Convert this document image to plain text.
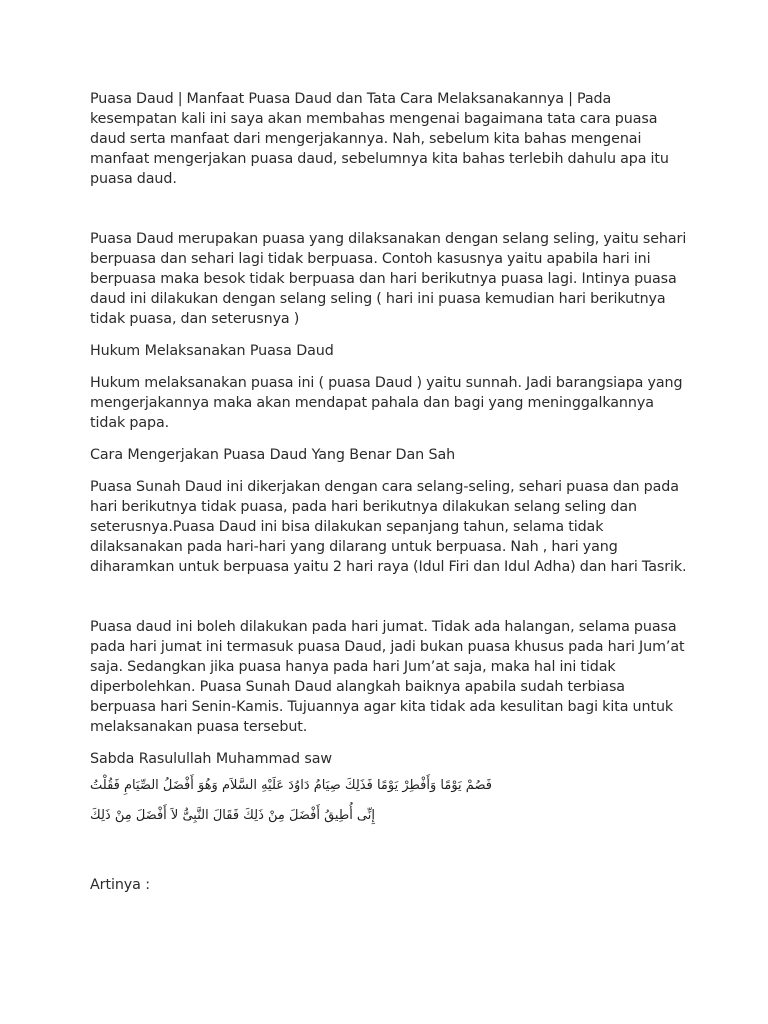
Puasa Daud | Manfaat Puasa Daud dan Tata Cara Melaksanakannya | Pada kesempatan kali ini saya akan membahas mengenai bagaimana tata cara puasa daud serta manfaat dari mengerjakannya. Nah, sebelum kita bahas mengenai manfaat mengerjakan puasa daud, sebelumnya kita bahas terlebih dahulu apa itu puasa daud.

Puasa Daud merupakan puasa yang dilaksanakan dengan selang seling, yaitu sehari berpuasa dan sehari lagi tidak berpuasa. Contoh kasusnya yaitu apabila hari ini berpuasa maka besok tidak berpuasa dan hari berikutnya puasa lagi. Intinya puasa daud ini dilakukan dengan selang seling ( hari ini puasa kemudian hari berikutnya tidak puasa, dan seterusnya )

Hukum Melaksanakan Puasa Daud

Hukum melaksanakan puasa ini ( puasa Daud ) yaitu sunnah. Jadi barangsiapa yang mengerjakannya maka akan mendapat pahala dan bagi yang meninggalkannya tidak papa.

Cara Mengerjakan Puasa Daud Yang Benar Dan Sah

Puasa Sunah Daud ini dikerjakan dengan cara selang-seling, sehari puasa dan pada hari berikutnya tidak puasa, pada hari berikutnya dilakukan selang seling dan seterusnya.Puasa Daud ini bisa dilakukan sepanjang tahun, selama tidak dilaksanakan pada hari-hari yang dilarang untuk berpuasa. Nah , hari yang diharamkan untuk berpuasa yaitu 2 hari raya (Idul Firi dan Idul Adha) dan hari Tasrik.

Puasa daud ini boleh dilakukan pada hari jumat. Tidak ada halangan, selama puasa pada hari jumat ini termasuk puasa Daud, jadi bukan puasa khusus pada hari Jum’at saja. Sedangkan jika puasa hanya pada hari Jum’at saja, maka hal ini tidak diperbolehkan. Puasa Sunah Daud alangkah baiknya apabila sudah terbiasa berpuasa hari Senin-Kamis. Tujuannya agar kita tidak ada kesulitan bagi kita untuk melaksanakan puasa tersebut.

Sabda Rasulullah Muhammad saw

فَصُمْ يَوْمًا وَأَفْطِرْ يَوْمًا فَذَلِكَ صِيَامُ دَاوُدَ عَلَيْهِ السَّلاَم وَهُوَ أَفْضَلُ الصِّيَامِ فَقُلْتُ
إِنِّى أُطِيقُ أَفْضَلَ مِنْ ذَلِكَ فَقَالَ النَّبِىُّ لاَ أَفْضَلَ مِنْ ذَلِكَ

Artinya :
